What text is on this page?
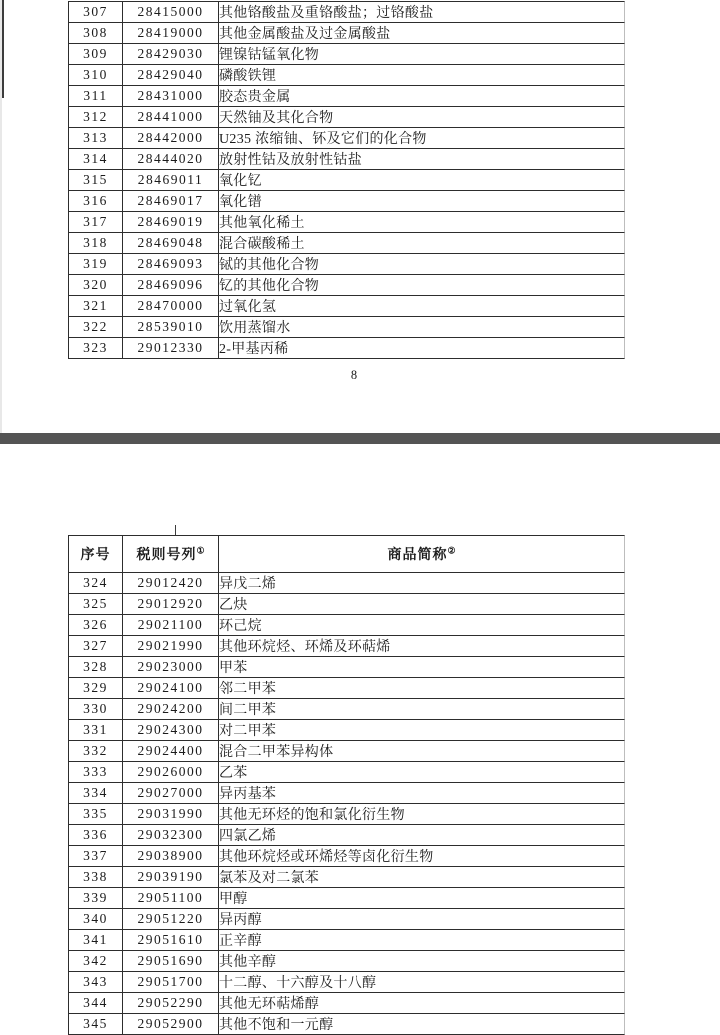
307	28415000	其他铬酸盐及重铬酸盐；过铬酸盐
308	28419000	其他金属酸盐及过金属酸盐
309	28429030	锂镍钴锰氧化物
310	28429040	磷酸铁锂
311	28431000	胶态贵金属
312	28441000	天然铀及其化合物
313	28442000	U235 浓缩铀、钚及它们的化合物
314	28444020	放射性钴及放射性钴盐
315	28469011	氧化钇
316	28469017	氧化镨
317	28469019	其他氧化稀土
318	28469048	混合碳酸稀土
319	28469093	铽的其他化合物
320	28469096	钇的其他化合物
321	28470000	过氧化氢
322	28539010	饮用蒸馏水
323	29012330	2-甲基丙稀
8
序号	税则号列①	商品简称②
324	29012420	异戊二烯
325	29012920	乙炔
326	29021100	环己烷
327	29021990	其他环烷烃、环烯及环萜烯
328	29023000	甲苯
329	29024100	邻二甲苯
330	29024200	间二甲苯
331	29024300	对二甲苯
332	29024400	混合二甲苯异构体
333	29026000	乙苯
334	29027000	异丙基苯
335	29031990	其他无环烃的饱和氯化衍生物
336	29032300	四氯乙烯
337	29038900	其他环烷烃或环烯烃等卤化衍生物
338	29039190	氯苯及对二氯苯
339	29051100	甲醇
340	29051220	异丙醇
341	29051610	正辛醇
342	29051690	其他辛醇
343	29051700	十二醇、十六醇及十八醇
344	29052290	其他无环萜烯醇
345	29052900	其他不饱和一元醇
